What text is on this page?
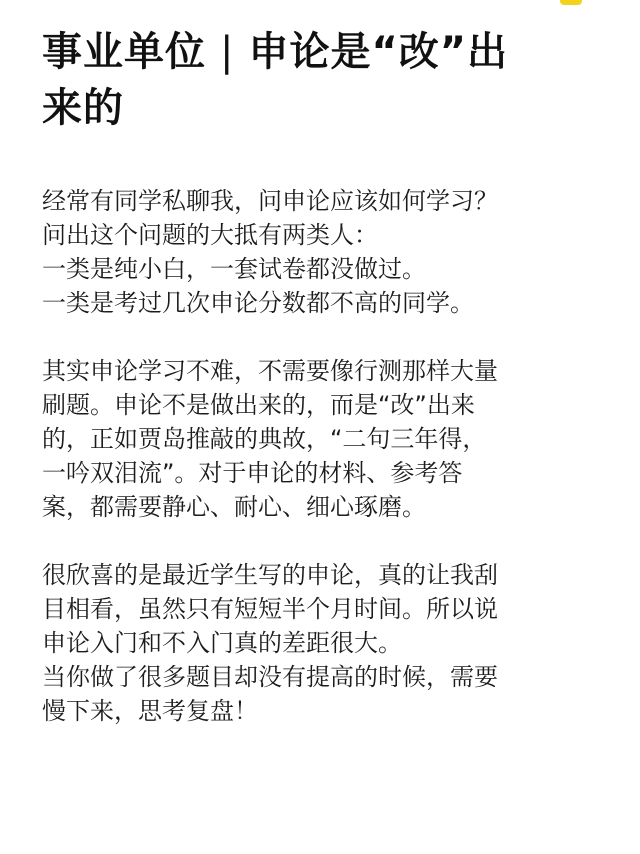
事业单位 | 申论是“改”出
来的

经常有同学私聊我，问申论应该如何学习？
问出这个问题的大抵有两类人：
一类是纯小白，一套试卷都没做过。
一类是考过几次申论分数都不高的同学。

其实申论学习不难，不需要像行测那样大量
刷题。申论不是做出来的，而是“改”出来
的，正如贾岛推敲的典故，“二句三年得，
一吟双泪流”。对于申论的材料、参考答
案，都需要静心、耐心、细心琢磨。

很欣喜的是最近学生写的申论，真的让我刮
目相看，虽然只有短短半个月时间。所以说
申论入门和不入门真的差距很大。
当你做了很多题目却没有提高的时候，需要
慢下来，思考复盘！
